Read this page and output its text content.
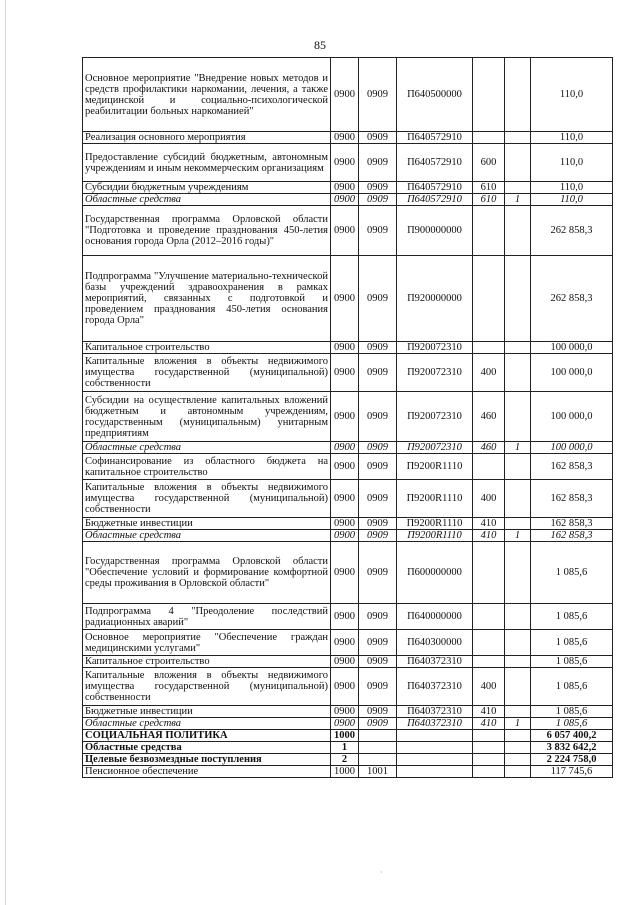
85
Основное мероприятие "Внедрение новых методов и средств профилактики наркомании, лечения, а также медицинской и социально-психологической реабилитации больных наркоманией"	0900	0909	П640500000			110,0
Реализация основного мероприятия	0900	0909	П640572910			110,0
Предоставление субсидий бюджетным, автономным учреждениям и иным некоммерческим организациям	0900	0909	П640572910	600		110,0
Субсидии бюджетным учреждениям	0900	0909	П640572910	610		110,0
Областные средства	0900	0909	П640572910	610	1	110,0
Государственная программа Орловской области "Подготовка и проведение празднования 450-летия основания города Орла (2012–2016 годы)"	0900	0909	П900000000			262 858,3
Подпрограмма "Улучшение материально-технической базы учреждений здравоохранения в рамках мероприятий, связанных с подготовкой и проведением празднования 450-летия основания города Орла"	0900	0909	П920000000			262 858,3
Капитальное строительство	0900	0909	П920072310			100 000,0
Капитальные вложения в объекты недвижимого имущества государственной (муниципальной) собственности	0900	0909	П920072310	400		100 000,0
Субсидии на осуществление капитальных вложений бюджетным и автономным учреждениям, государственным (муниципальным) унитарным предприятиям	0900	0909	П920072310	460		100 000,0
Областные средства	0900	0909	П920072310	460	1	100 000,0
Софинансирование из областного бюджета на капитальное строительство	0900	0909	П9200R1110			162 858,3
Капитальные вложения в объекты недвижимого имущества государственной (муниципальной) собственности	0900	0909	П9200R1110	400		162 858,3
Бюджетные инвестиции	0900	0909	П9200R1110	410		162 858,3
Областные средства	0900	0909	П9200R1110	410	1	162 858,3
Государственная программа Орловской области "Обеспечение условий и формирование комфортной среды проживания в Орловской области"	0900	0909	П600000000			1 085,6
Подпрограмма 4 "Преодоление последствий радиационных аварий"	0900	0909	П640000000			1 085,6
Основное мероприятие "Обеспечение граждан медицинскими услугами"	0900	0909	П640300000			1 085,6
Капитальное строительство	0900	0909	П640372310			1 085,6
Капитальные вложения в объекты недвижимого имущества государственной (муниципальной) собственности	0900	0909	П640372310	400		1 085,6
Бюджетные инвестиции	0900	0909	П640372310	410		1 085,6
Областные средства	0900	0909	П640372310	410	1	1 085,6
СОЦИАЛЬНАЯ ПОЛИТИКА	1000					6 057 400,2
Областные средства	1					3 832 642,2
Целевые безвозмездные поступления	2					2 224 758,0
Пенсионное обеспечение	1000	1001				117 745,6
·
